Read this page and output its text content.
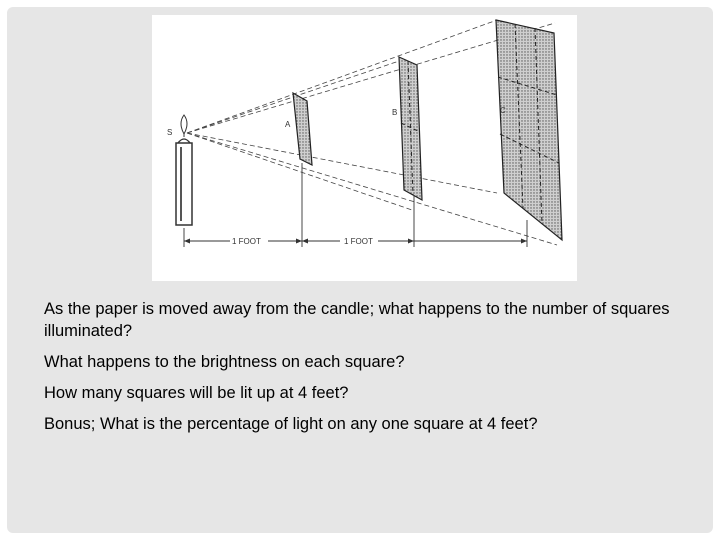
S
A
B	C
1 FOOT	1 FOOT

As the paper is moved away from the candle; what happens to the number of squares illuminated?

What happens to the brightness on each square?

How many squares will be lit up at 4 feet?

Bonus; What is the percentage of light on any one square at 4 feet?
